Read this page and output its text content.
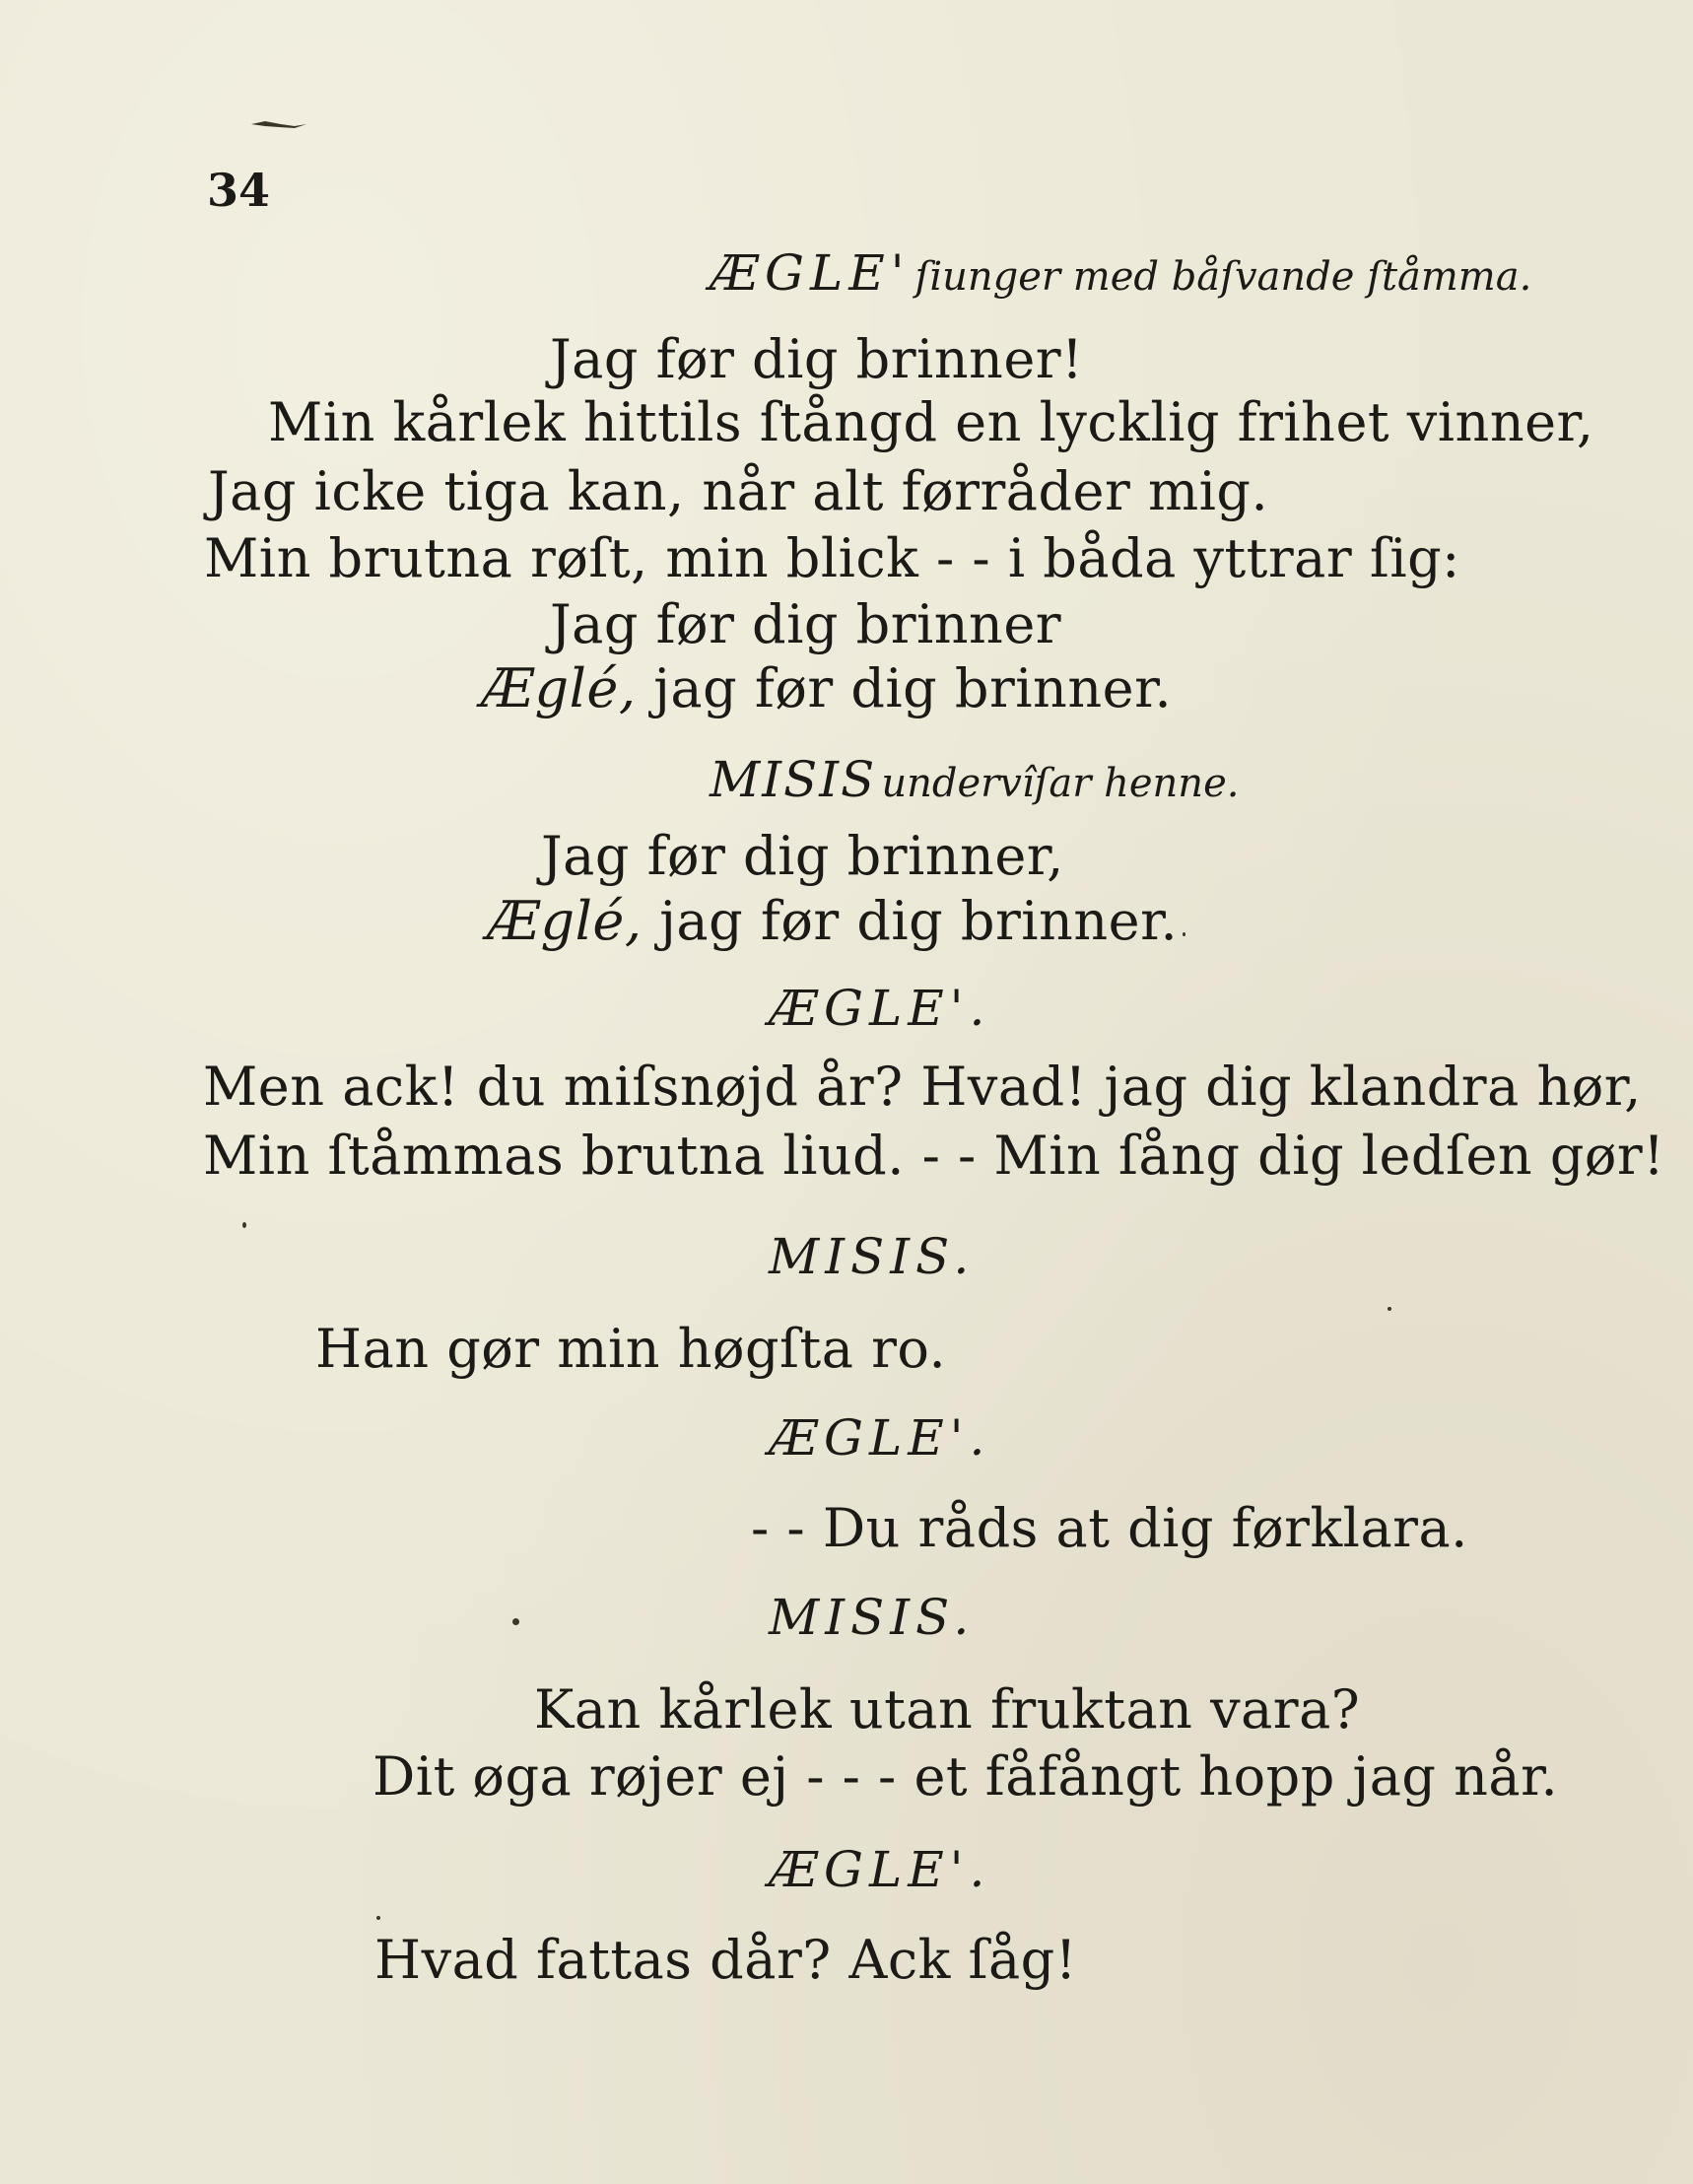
34
ÆGLE' ſiunger med båſvande ſtåmma.
Jag før dig brinner!
Min kårlek hittils ſtångd en lycklig frihet vinner,
Jag icke tiga kan, når alt førråder mig.
Min brutna røſt, min blick - - i båda yttrar ſig:
Jag før dig brinner
Æglé, jag før dig brinner.
MISIS undervîſar henne.
Jag før dig brinner,
Æglé, jag før dig brinner.
ÆGLE'.
Men ack! du miſsnøjd år? Hvad! jag dig klandra hør,
Min ſtåmmas brutna liud. - - Min ſång dig ledſen gør!
MISIS.
Han gør min høgſta ro.
ÆGLE'.
- - Du råds at dig førklara.
MISIS.
Kan kårlek utan fruktan vara?
Dit øga røjer ej - - - et fåfångt hopp jag når.
ÆGLE'.
Hvad fattas dår? Ack ſåg!
